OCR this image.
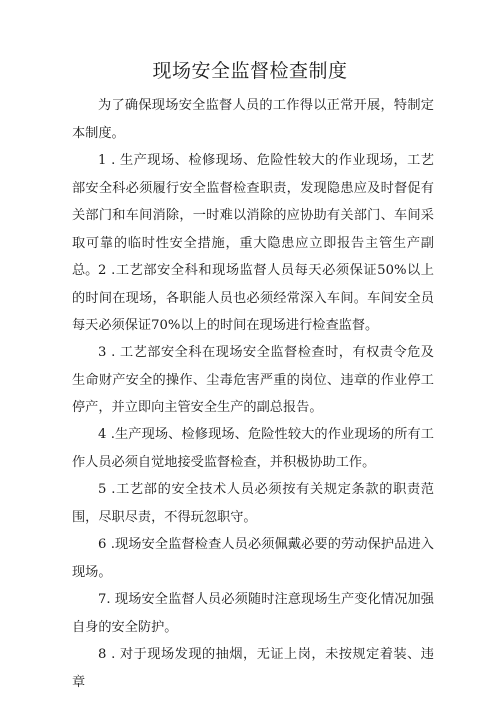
现场安全监督检查制度

为了确保现场安全监督人员的工作得以正常开展，特制定本制度。

1 . 生产现场、检修现场、危险性较大的作业现场，工艺部安全科必须履行安全监督检查职责，发现隐患应及时督促有关部门和车间消除，一时难以消除的应协助有关部门、车间采取可靠的临时性安全措施，重大隐患应立即报告主管生产副总。 2 .工艺部安全科和现场监督人员每天必须保证50%以上的时间在现场，各职能人员也必须经常深入车间。车间安全员每天必须保证70%以上的时间在现场进行检查监督。

3 . 工艺部安全科在现场安全监督检查时，有权责令危及生命财产安全的操作、尘毒危害严重的岗位、违章的作业停工停产，并立即向主管安全生产的副总报告。

4 .生产现场、检修现场、危险性较大的作业现场的所有工作人员必须自觉地接受监督检查，并积极协助工作。

5 .工艺部的安全技术人员必须按有关规定条款的职责范围，尽职尽责，不得玩忽职守。

6 .现场安全监督检查人员必须佩戴必要的劳动保护品进入现场。

7. 现场安全监督人员必须随时注意现场生产变化情况加强自身的安全防护。

8 . 对于现场发现的抽烟，无证上岗，未按规定着装、违章
